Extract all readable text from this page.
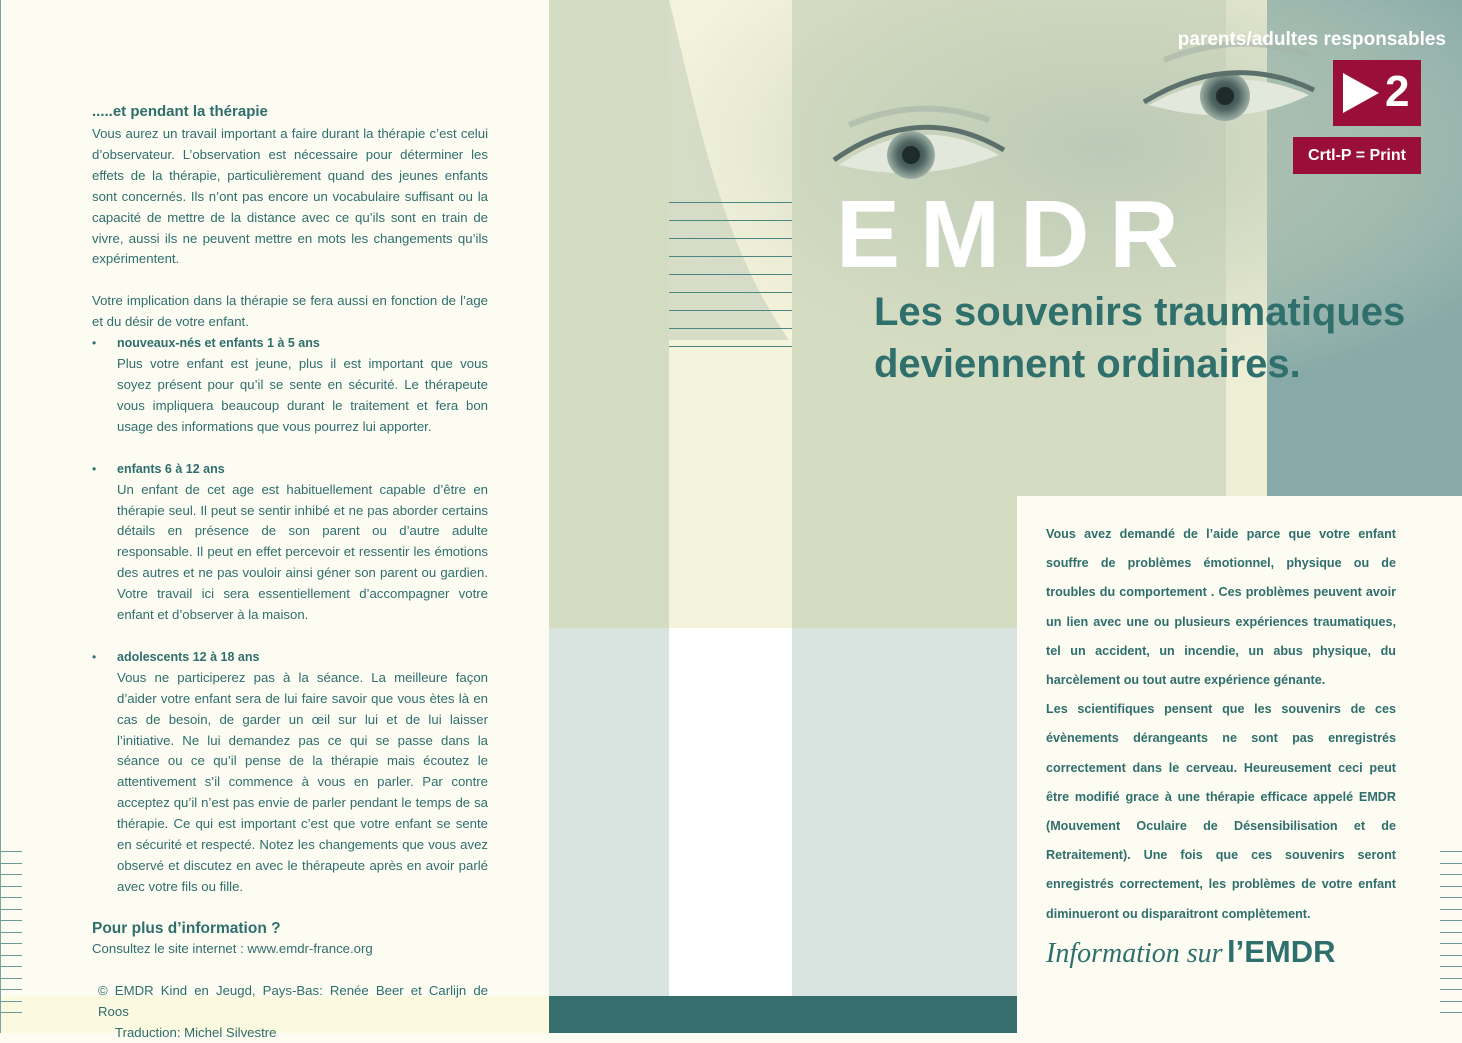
.....et pendant la thérapie

Vous aurez un travail important a faire durant la thérapie c’est celui d’observateur. L’observation est nécessaire pour déterminer les effets de la thérapie, particulièrement quand des jeunes enfants sont concernés. Ils n’ont pas encore un vocabulaire suffisant ou la capacité de mettre de la distance avec ce qu’ils sont en train de vivre, aussi ils ne peuvent mettre en mots les changements qu’ils expérimentent.

Votre implication dans la thérapie se fera aussi en fonction de l’age et du désir de votre enfant.

• nouveaux-nés et enfants 1 à 5 ans
Plus votre enfant est jeune, plus il est important que vous soyez présent pour qu’il se sente en sécurité. Le thérapeute vous impliquera beaucoup durant le traitement et fera bon usage des informations que vous pourrez lui apporter.
• enfants 6 à 12 ans
Un enfant de cet age est habituellement capable d’être en thérapie seul. Il peut se sentir inhibé et ne pas aborder certains détails en présence de son parent ou d’autre adulte responsable. Il peut en effet percevoir et ressentir les émotions des autres et ne pas vouloir ainsi géner son parent ou gardien. Votre travail ici sera essentiellement d’accompagner votre enfant et d’observer à la maison.
• adolescents 12 à 18 ans
Vous ne participerez pas à la séance. La meilleure façon d’aider votre enfant sera de lui faire savoir que vous ètes là en cas de besoin, de garder un œil sur lui et de lui laisser l’initiative. Ne lui demandez pas ce qui se passe dans la séance ou ce qu’il pense de la thérapie mais écoutez le attentivement s’il commence à vous en parler. Par contre acceptez qu’il n’est pas envie de parler pendant le temps de sa thérapie. Ce qui est important c’est que votre enfant se sente en sécurité et respecté. Notez les changements que vous avez observé et discutez en avec le thérapeute après en avoir parlé avec votre fils ou fille.
Pour plus d’information ?
Consultez le site internet : www.emdr-france.org
© EMDR Kind en Jeugd, Pays-Bas: Renée Beer et Carlijn de Roos
Traduction: Michel Silvestre
parents/adultes responsables
2
Crtl-P = Print
EMDR
Les souvenirs traumatiques
deviennent ordinaires.
Vous avez demandé de l’aide parce que votre enfant souffre de problèmes émotionnel, physique ou de troubles du comportement . Ces problèmes peuvent avoir un lien avec une ou plusieurs expériences traumatiques, tel un accident, un incendie, un abus physique, du harcèlement ou tout autre expérience génante.
Les scientifiques pensent que les souvenirs de ces évènements dérangeants ne sont pas enregistrés correctement dans le cerveau. Heureusement ceci peut être modifié grace à une thérapie efficace appelé EMDR (Mouvement Oculaire de Désensibilisation et de Retraitement). Une fois que ces souvenirs seront enregistrés correctement, les problèmes de votre enfant diminueront ou disparaitront complètement.
Information sur l’EMDR
